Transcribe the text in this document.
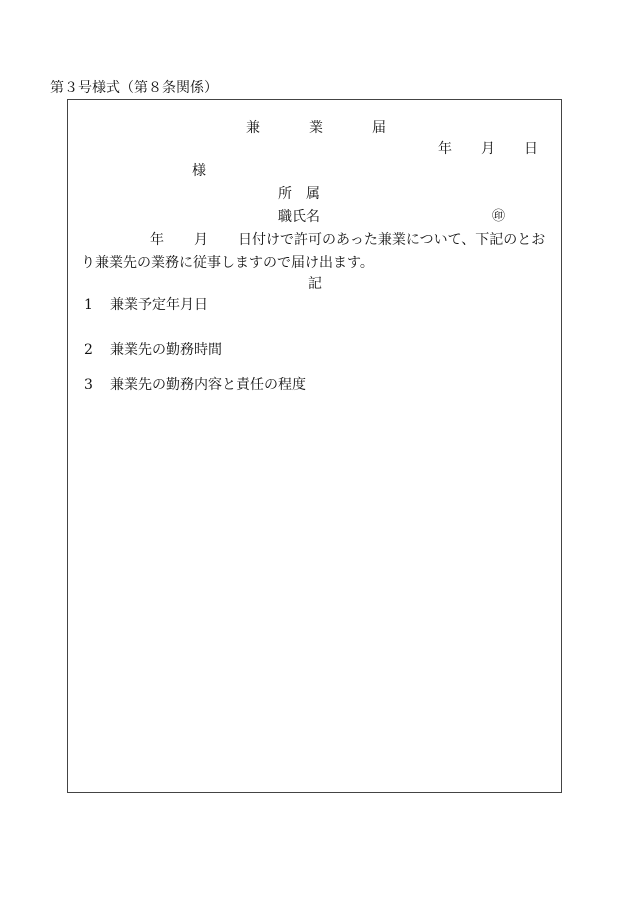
第３号様式（第８条関係）
兼	業	届
年 月 日
様
所 属
職氏名	㊞
年 月 日付けで許可のあった兼業について、下記のとお
り兼業先の業務に従事しますので届け出ます。
記
1	兼業予定年月日
2	兼業先の勤務時間
3	兼業先の勤務内容と責任の程度
